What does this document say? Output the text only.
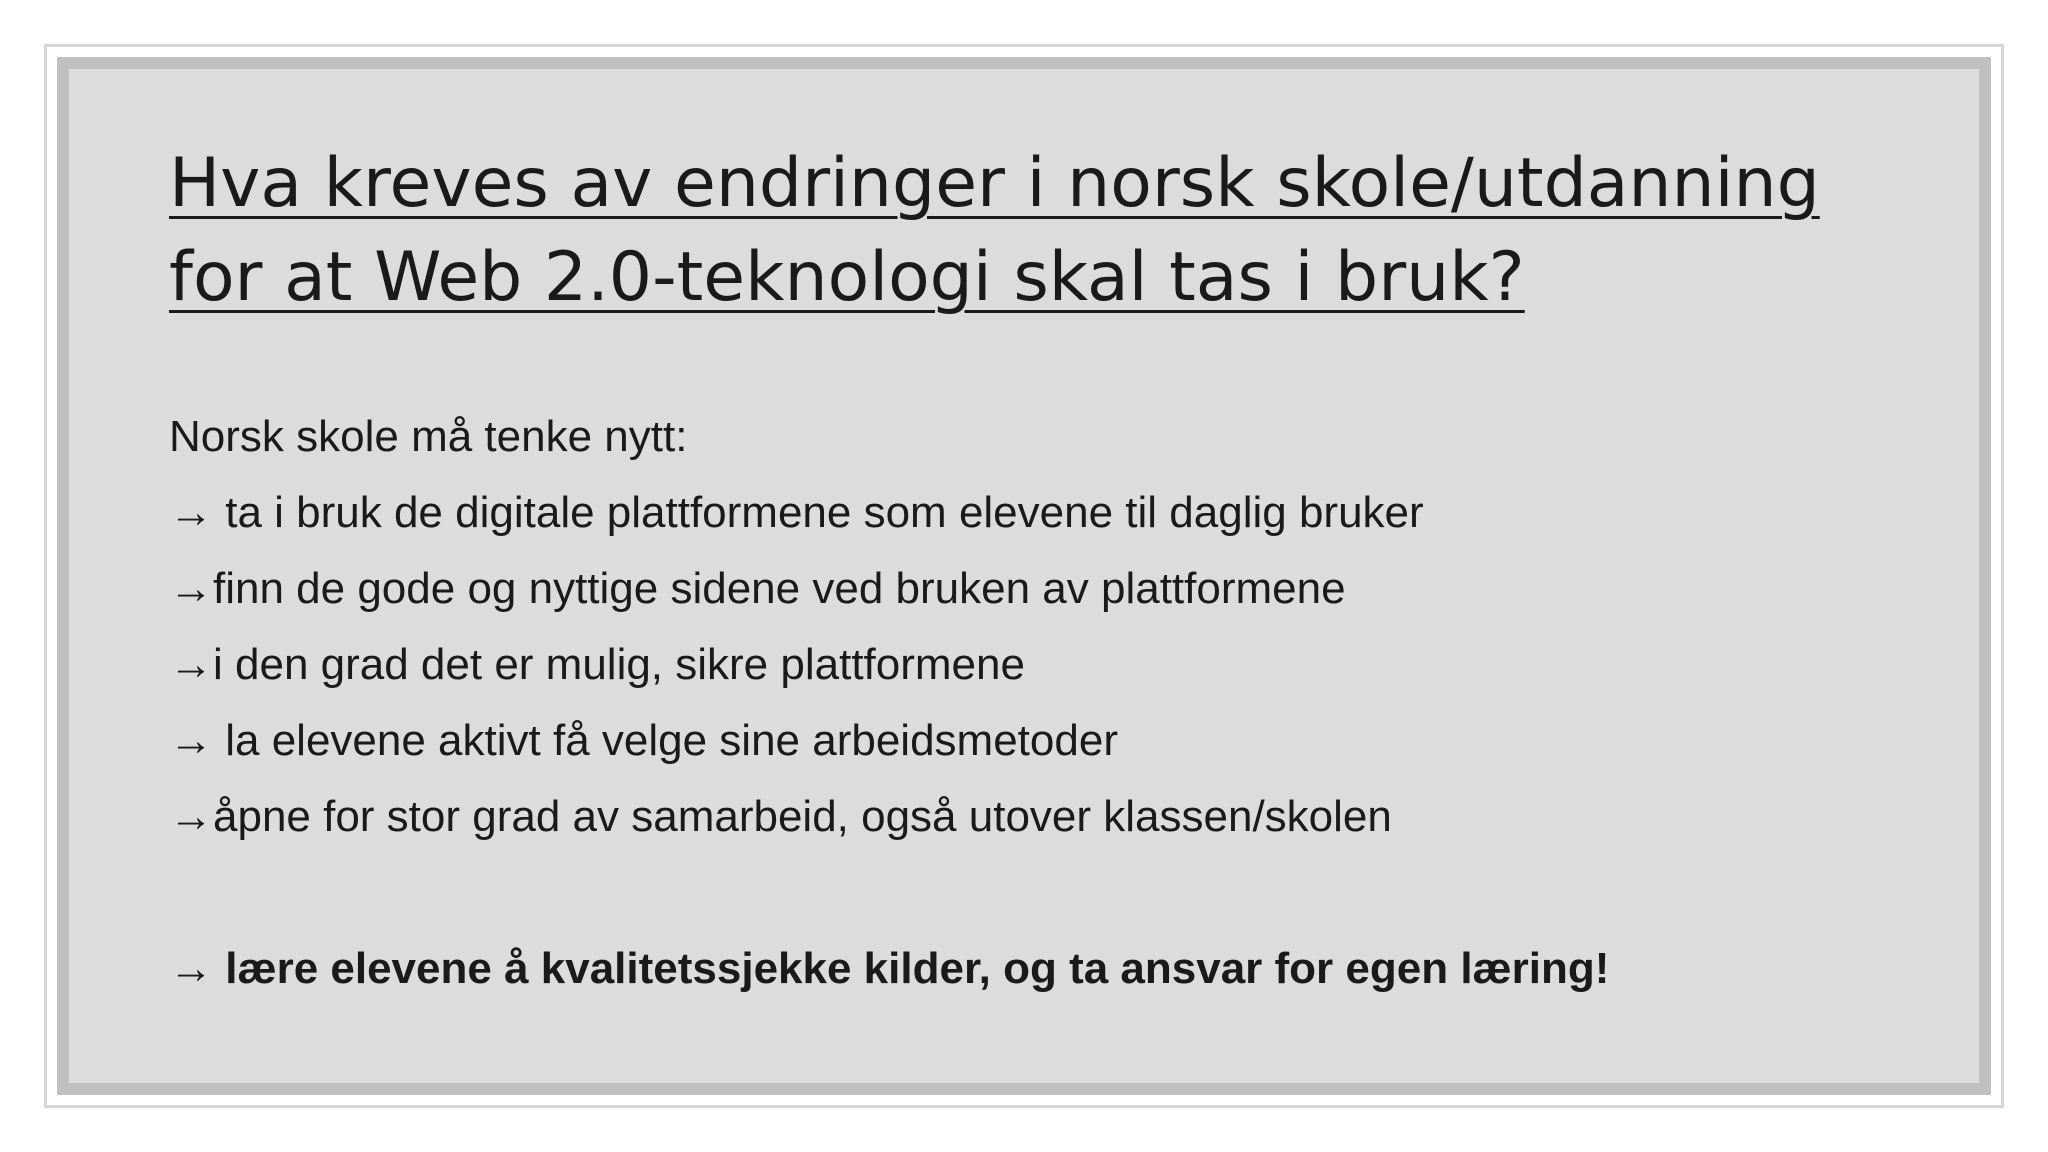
Hva kreves av endringer i norsk skole/utdanning
for at Web 2.0-teknologi skal tas i bruk?
Norsk skole må tenke nytt:
→ ta i bruk de digitale plattformene som elevene til daglig bruker
→finn de gode og nyttige sidene ved bruken av plattformene
→i den grad det er mulig, sikre plattformene
→ la elevene aktivt få velge sine arbeidsmetoder
→åpne for stor grad av samarbeid, også utover klassen/skolen
→ lære elevene å kvalitetssjekke kilder, og ta ansvar for egen læring!
